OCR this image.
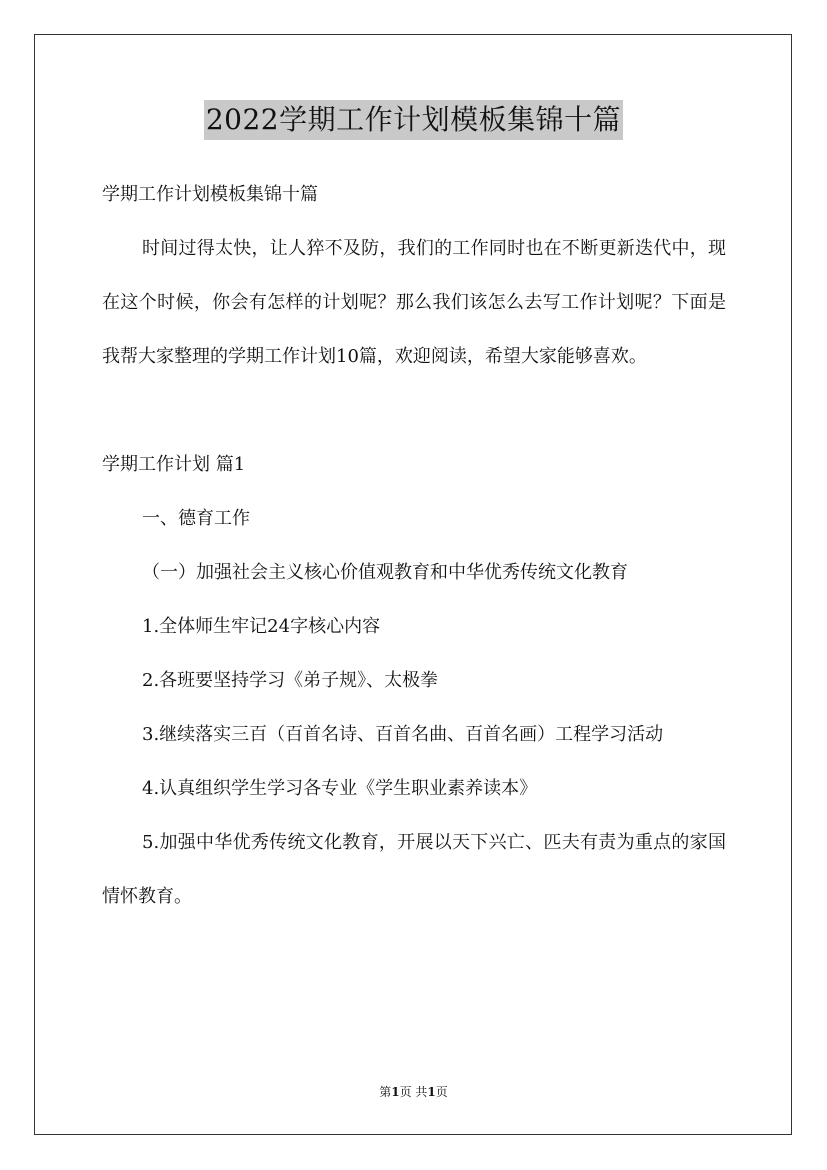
2022学期工作计划模板集锦十篇

学期工作计划模板集锦十篇

时间过得太快，让人猝不及防，我们的工作同时也在不断更新迭代中，现在这个时候，你会有怎样的计划呢？那么我们该怎么去写工作计划呢？下面是我帮大家整理的学期工作计划10篇，欢迎阅读，希望大家能够喜欢。

学期工作计划 篇1

一、德育工作

（一）加强社会主义核心价值观教育和中华优秀传统文化教育

1.全体师生牢记24字核心内容

2.各班要坚持学习《弟子规》、太极拳

3.继续落实三百（百首名诗、百首名曲、百首名画）工程学习活动

4.认真组织学生学习各专业《学生职业素养读本》

5.加强中华优秀传统文化教育，开展以天下兴亡、匹夫有责为重点的家国情怀教育。

第1页 共1页
